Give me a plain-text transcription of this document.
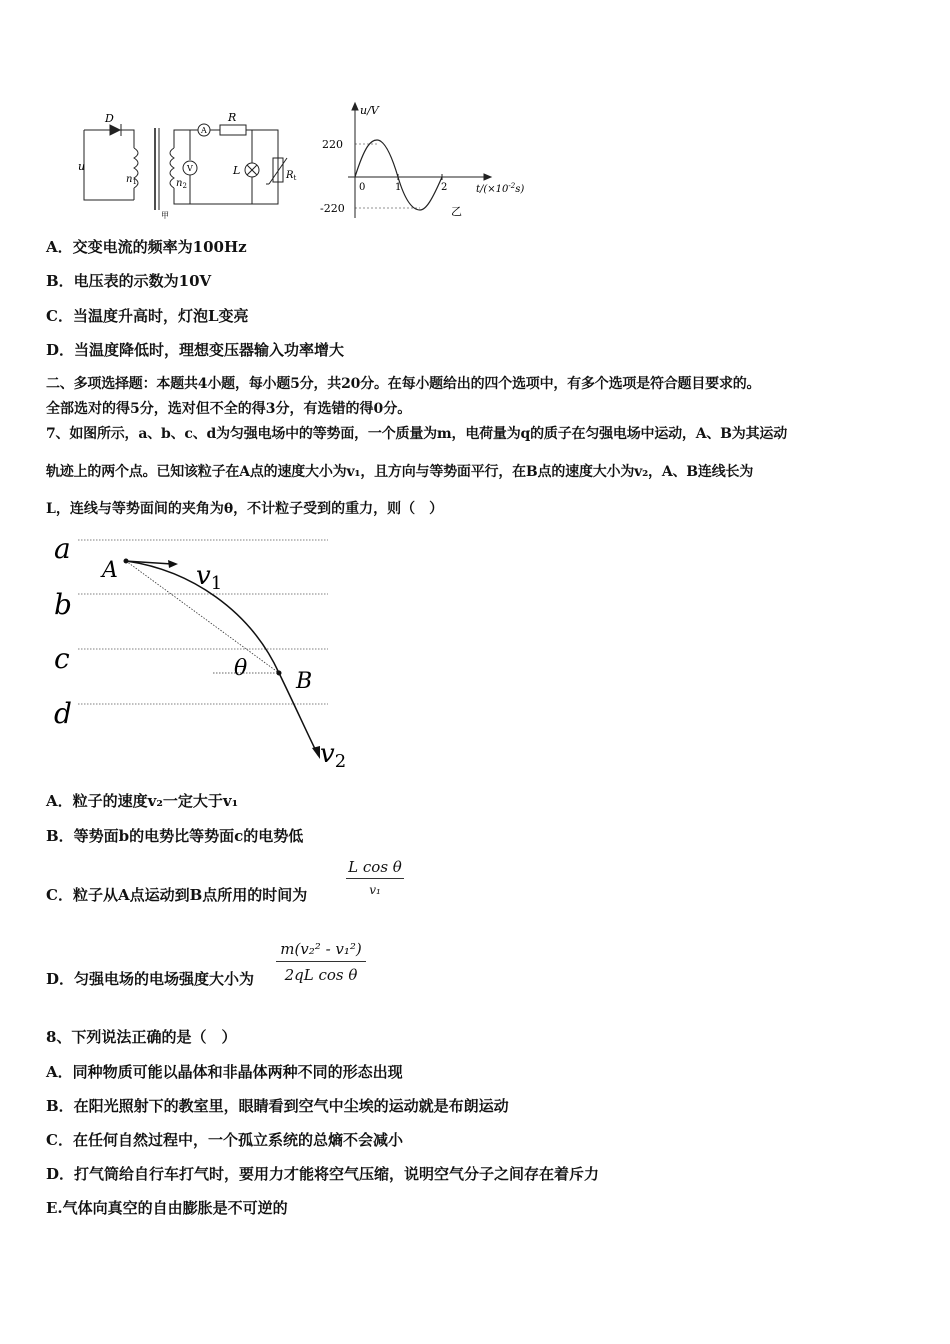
D	R
u
$n_1$	$n_2$
A
V	L	$R_t$
甲
u/V
220
-220
0	1	2	$t/(\times 10^{-2}s)$
乙
A．交变电流的频率为100Hz
B．电压表的示数为10V
C．当温度升高时，灯泡L变亮
D．当温度降低时，理想变压器输入功率增大
二、多项选择题：本题共4小题，每小题5分，共20分。在每小题给出的四个选项中，有多个选项是符合题目要求的。
全部选对的得5分，选对但不全的得3分，有选错的得0分。
7、如图所示，a、b、c、d为匀强电场中的等势面，一个质量为m，电荷量为q的质子在匀强电场中运动，A、B为其运动
轨迹上的两个点。已知该粒子在A点的速度大小为v₁，且方向与等势面平行，在B点的速度大小为v₂，A、B连线长为
L，连线与等势面间的夹角为θ，不计粒子受到的重力，则（　）
a
b
c
d
A
B
v1
v2
θ
A．粒子的速度v₂一定大于v₁
B．等势面b的电势比等势面c的电势低
C．粒子从A点运动到B点所用的时间为
L cos θ
v₁
D．匀强电场的电场强度大小为 $\frac{\text{m(v₂² - v₁²)}}{\text{2qL cos θ}}$
8、下列说法正确的是（　）
A．同种物质可能以晶体和非晶体两种不同的形态出现
B．在阳光照射下的教室里，眼睛看到空气中尘埃的运动就是布朗运动
C．在任何自然过程中，一个孤立系统的总熵不会减小
D．打气筒给自行车打气时，要用力才能将空气压缩，说明空气分子之间存在着斥力
E.气体向真空的自由膨胀是不可逆的
